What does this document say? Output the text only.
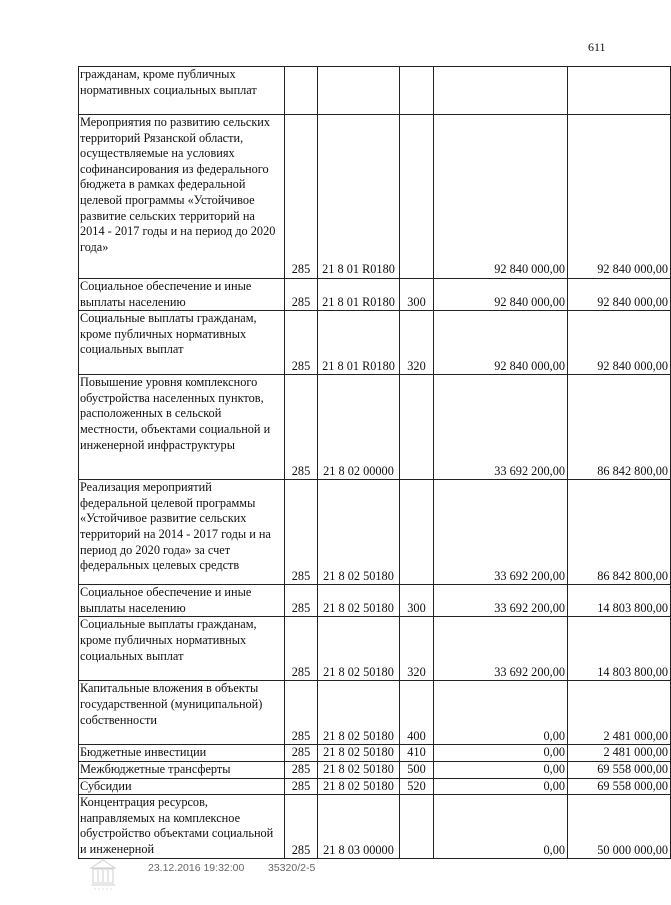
611
гражданам, кроме публичных нормативных социальных выплат					
Мероприятия по развитию сельских территорий Рязанской области, осуществляемые на условиях софинансирования из федерального бюджета в рамках федеральной целевой программы «Устойчивое развитие сельских территорий на 2014 - 2017 годы и на период до 2020 года»	285	21 8 01 R0180		92 840 000,00	92 840 000,00
Социальное обеспечение и иные выплаты населению	285	21 8 01 R0180	300	92 840 000,00	92 840 000,00
Социальные выплаты гражданам, кроме публичных нормативных социальных выплат	285	21 8 01 R0180	320	92 840 000,00	92 840 000,00
Повышение уровня комплексного обустройства населенных пунктов, расположенных в сельской местности, объектами социальной и инженерной инфраструктуры	285	21 8 02 00000		33 692 200,00	86 842 800,00
Реализация мероприятий федеральной целевой программы «Устойчивое развитие сельских территорий на 2014 - 2017 годы и на период до 2020 года» за счет федеральных целевых средств	285	21 8 02 50180		33 692 200,00	86 842 800,00
Социальное обеспечение и иные выплаты населению	285	21 8 02 50180	300	33 692 200,00	14 803 800,00
Социальные выплаты гражданам, кроме публичных нормативных социальных выплат	285	21 8 02 50180	320	33 692 200,00	14 803 800,00
Капитальные вложения в объекты государственной (муниципальной) собственности	285	21 8 02 50180	400	0,00	2 481 000,00
Бюджетные инвестиции	285	21 8 02 50180	410	0,00	2 481 000,00
Межбюджетные трансферты	285	21 8 02 50180	500	0,00	69 558 000,00
Субсидии	285	21 8 02 50180	520	0,00	69 558 000,00
Концентрация ресурсов, направляемых на комплексное обустройство объектами социальной и инженерной	285	21 8 03 00000		0,00	50 000 000,00
23.12.2016 19:32:00 35320/2-5
